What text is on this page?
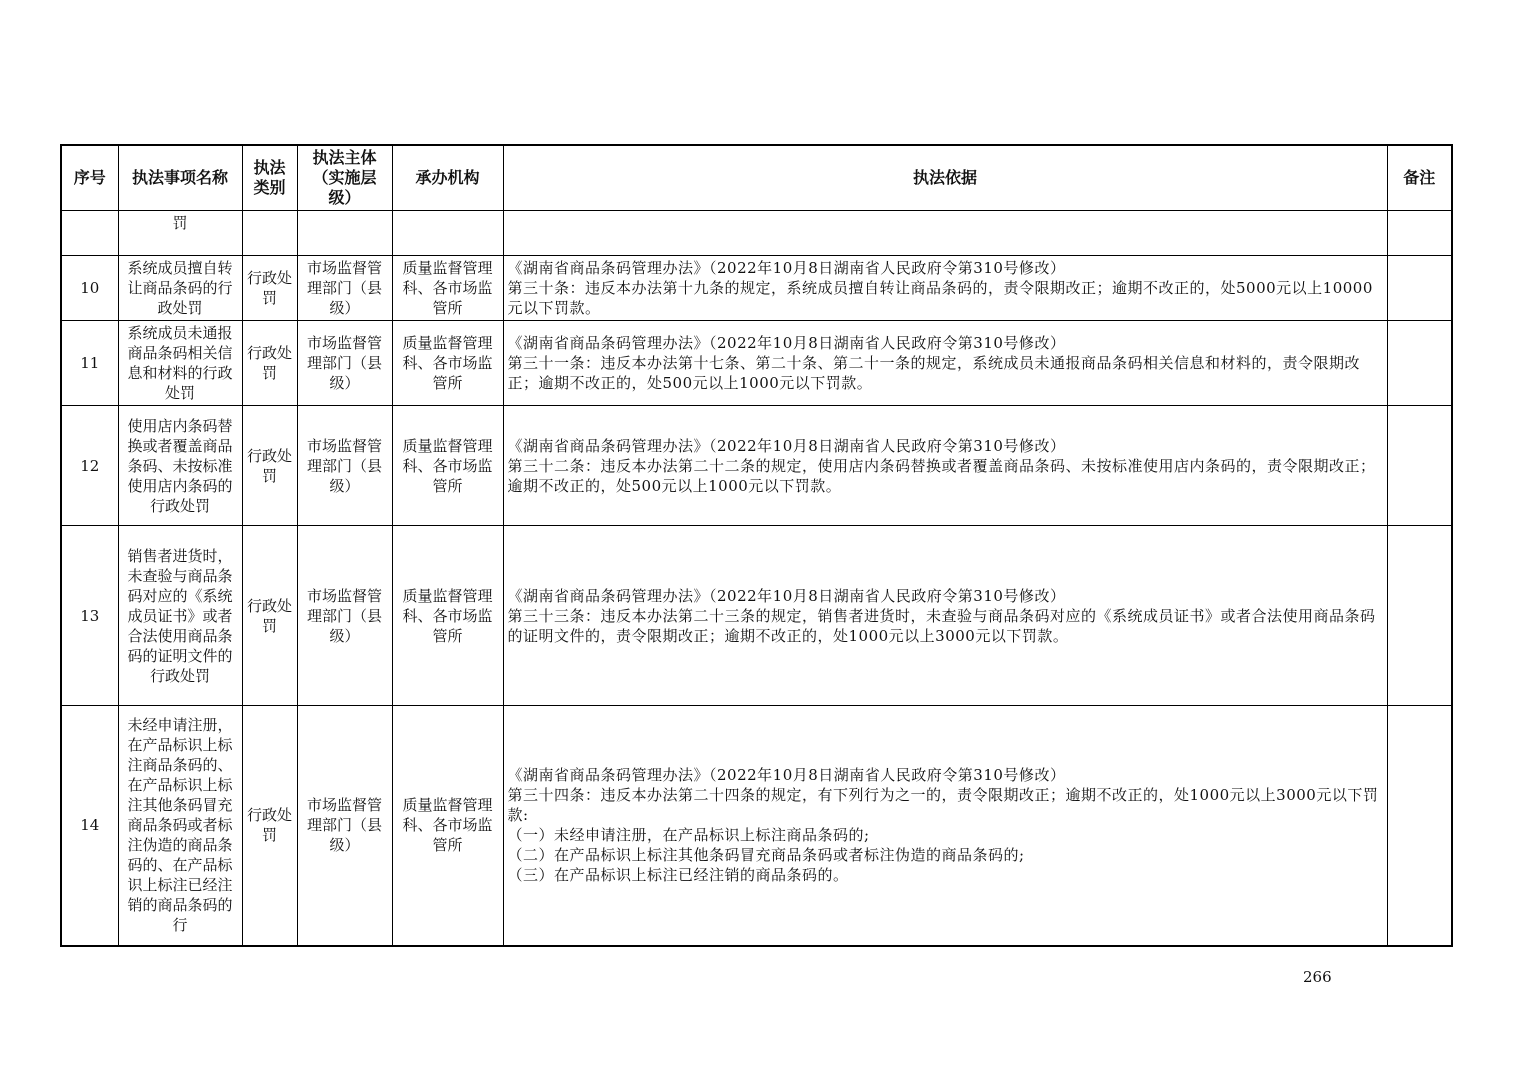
序号	执法事项名称	执法类别	执法主体（实施层级）	承办机构	执法依据	备注
	罚					
10	系统成员擅自转让商品条码的行政处罚	行政处罚	市场监督管理部门（县级）	质量监督管理科、各市场监管所	《湖南省商品条码管理办法》（2022年10月8日湖南省人民政府令第310号修改）
第三十条：违反本办法第十九条的规定，系统成员擅自转让商品条码的，责令限期改正；逾期不改正的，处5000元以上10000元以下罚款。	

11	系统成员未通报商品条码相关信息和材料的行政处罚	行政处罚	市场监督管理部门（县级）	质量监督管理科、各市场监管所	《湖南省商品条码管理办法》（2022年10月8日湖南省人民政府令第310号修改）
第三十一条：违反本办法第十七条、第二十条、第二十一条的规定，系统成员未通报商品条码相关信息和材料的，责令限期改正；逾期不改正的，处500元以上1000元以下罚款。	

12	使用店内条码替换或者覆盖商品条码、未按标准使用店内条码的行政处罚	行政处罚	市场监督管理部门（县级）	质量监督管理科、各市场监管所	《湖南省商品条码管理办法》（2022年10月8日湖南省人民政府令第310号修改）
第三十二条：违反本办法第二十二条的规定，使用店内条码替换或者覆盖商品条码、未按标准使用店内条码的，责令限期改正；逾期不改正的，处500元以上1000元以下罚款。	

13	销售者进货时，未查验与商品条码对应的《系统成员证书》或者合法使用商品条码的证明文件的行政处罚	行政处罚	市场监督管理部门（县级）	质量监督管理科、各市场监管所	《湖南省商品条码管理办法》（2022年10月8日湖南省人民政府令第310号修改）
第三十三条：违反本办法第二十三条的规定，销售者进货时，未查验与商品条码对应的《系统成员证书》或者合法使用商品条码的证明文件的，责令限期改正；逾期不改正的，处1000元以上3000元以下罚款。	

14	未经申请注册，在产品标识上标注商品条码的、在产品标识上标注其他条码冒充商品条码或者标注伪造的商品条码的、在产品标识上标注已经注销的商品条码的行	行政处罚	市场监督管理部门（县级）	质量监督管理科、各市场监管所	《湖南省商品条码管理办法》（2022年10月8日湖南省人民政府令第310号修改）
第三十四条：违反本办法第二十四条的规定，有下列行为之一的，责令限期改正；逾期不改正的，处1000元以上3000元以下罚款:
（一）未经申请注册，在产品标识上标注商品条码的;
（二）在产品标识上标注其他条码冒充商品条码或者标注伪造的商品条码的;
（三）在产品标识上标注已经注销的商品条码的。	

266
